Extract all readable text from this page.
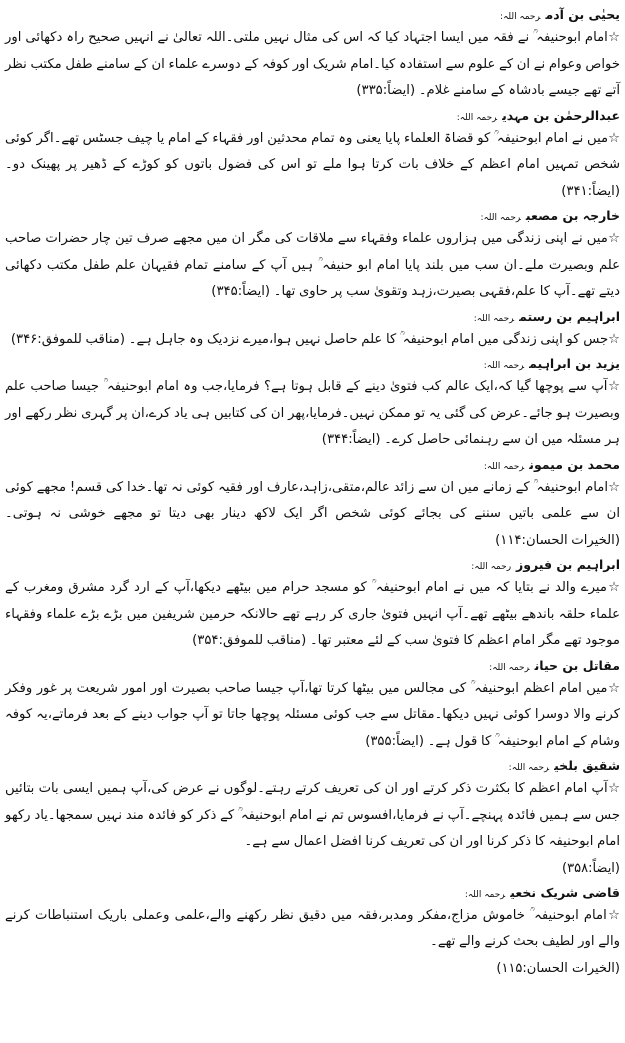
یحیٰی بن آدمرحمہ اللہ:
☆امام ابوحنیفہ ؒ نے فقہ میں ایسا اجتہاد کیا کہ اس کی مثال نہیں ملتی۔اللہ تعالیٰ نے انہیں صحیح راہ دکھائی اور خواص وعوام نے ان کے علوم سے استفادہ کیا۔امام شریک اور کوفہ کے دوسرے علماء ان کے سامنے طفل مکتب نظر آتے تھے جیسے بادشاہ کے سامنے غلام۔ (ایضاً:۳۳۵)
عبدالرحمٰن بن مہدیرحمہ اللہ:
☆میں نے امام ابوحنیفہ ؒ کو قضاۃ العلماء پایا یعنی وہ تمام محدثین اور فقہاء کے امام یا چیف جسٹس تھے۔اگر کوئی شخص تمہیں امام اعظم کے خلاف بات کرتا ہوا ملے تو اس کی فضول باتوں کو کوڑے کے ڈھیر پر پھینک دو۔ (ایضاً:۳۴۱)
خارجہ بن مصعبرحمہ اللہ:
☆میں نے اپنی زندگی میں ہزاروں علماء وفقہاء سے ملاقات کی مگر ان میں مجھے صرف تین چار حضرات صاحب علم وبصیرت ملے۔ان سب میں بلند پایا امام ابو حنیفہ ؒ ہیں آپ کے سامنے تمام فقیہان علم طفل مکتب دکھائی دیتے تھے۔آپ کا علم،فقہی بصیرت،زہد وتقویٰ سب پر حاوی تھا۔ (ایضاً:۳۴۵)
ابراہیم بن رستمرحمہ اللہ:
☆جس کو اپنی زندگی میں امام ابوحنیفہ ؒ کا علم حاصل نہیں ہوا،میرے نزدیک وہ جاہل ہے۔ (مناقب للموفق:۳۴۶)
یزید بن ابراہیمرحمہ اللہ:
☆آپ سے پوچھا گیا کہ،ایک عالم کب فتویٰ دینے کے قابل ہوتا ہے؟ فرمایا،جب وہ امام ابوحنیفہ ؒ جیسا صاحب علم وبصیرت ہو جائے۔عرض کی گئی یہ تو ممکن نہیں۔فرمایا،پھر ان کی کتابیں ہی یاد کرے،ان پر گہری نظر رکھے اور ہر مسئلہ میں ان سے رہنمائی حاصل کرے۔ (ایضاً:۳۴۴)
محمد بن میمونرحمہ اللہ:
☆امام ابوحنیفہ ؒ کے زمانے میں ان سے زائد عالم،متقی،زاہد،عارف اور فقیہ کوئی نہ تھا۔خدا کی قسم! مجھے کوئی ان سے علمی باتیں سننے کی بجائے کوئی شخص اگر ایک لاکھ دینار بھی دیتا تو مجھے خوشی نہ ہوتی۔ (الخیرات الحسان:۱۱۴)
ابراہیم بن فیروزرحمہ اللہ:
☆میرے والد نے بتایا کہ میں نے امام ابوحنیفہ ؒ کو مسجد حرام میں بیٹھے دیکھا،آپ کے ارد گرد مشرق ومغرب کے علماء حلقہ باندھے بیٹھے تھے۔آپ انہیں فتویٰ جاری کر رہے تھے حالانکہ حرمین شریفین میں بڑے بڑے علماء وفقہاء موجود تھے مگر امام اعظم کا فتویٰ سب کے لئے معتبر تھا۔ (مناقب للموفق:۳۵۴)
مقاتل بن حیانرحمہ اللہ:
☆میں امام اعظم ابوحنیفہ ؒ کی مجالس میں بیٹھا کرتا تھا،آپ جیسا صاحب بصیرت اور امور شریعت پر غور وفکر کرنے والا دوسرا کوئی نہیں دیکھا۔مقاتل سے جب کوئی مسئلہ پوچھا جاتا تو آپ جواب دینے کے بعد فرماتے،یہ کوفہ وشام کے امام ابوحنیفہ ؒ کا قول ہے۔ (ایضاً:۳۵۵)
شقیق بلخیرحمہ اللہ:
☆آپ امام اعظم کا بکثرت ذکر کرتے اور ان کی تعریف کرتے رہتے۔لوگوں نے عرض کی،آپ ہمیں ایسی بات بتائیں جس سے ہمیں فائدہ پہنچے۔آپ نے فرمایا،افسوس تم نے امام ابوحنیفہ ؒ کے ذکر کو فائدہ مند نہیں سمجھا۔یاد رکھو امام ابوحنیفہ کا ذکر کرنا اور ان کی تعریف کرنا افضل اعمال سے ہے۔
(ایضاً:۳۵۸)
قاضی شریک نخعیرحمہ اللہ:
☆امام ابوحنیفہ ؒ خاموش مزاج،مفکر ومدبر،فقہ میں دقیق نظر رکھنے والے،علمی وعملی باریک استنباطات کرنے والے اور لطیف بحث کرنے والے تھے۔
(الخیرات الحسان:۱۱۵)
